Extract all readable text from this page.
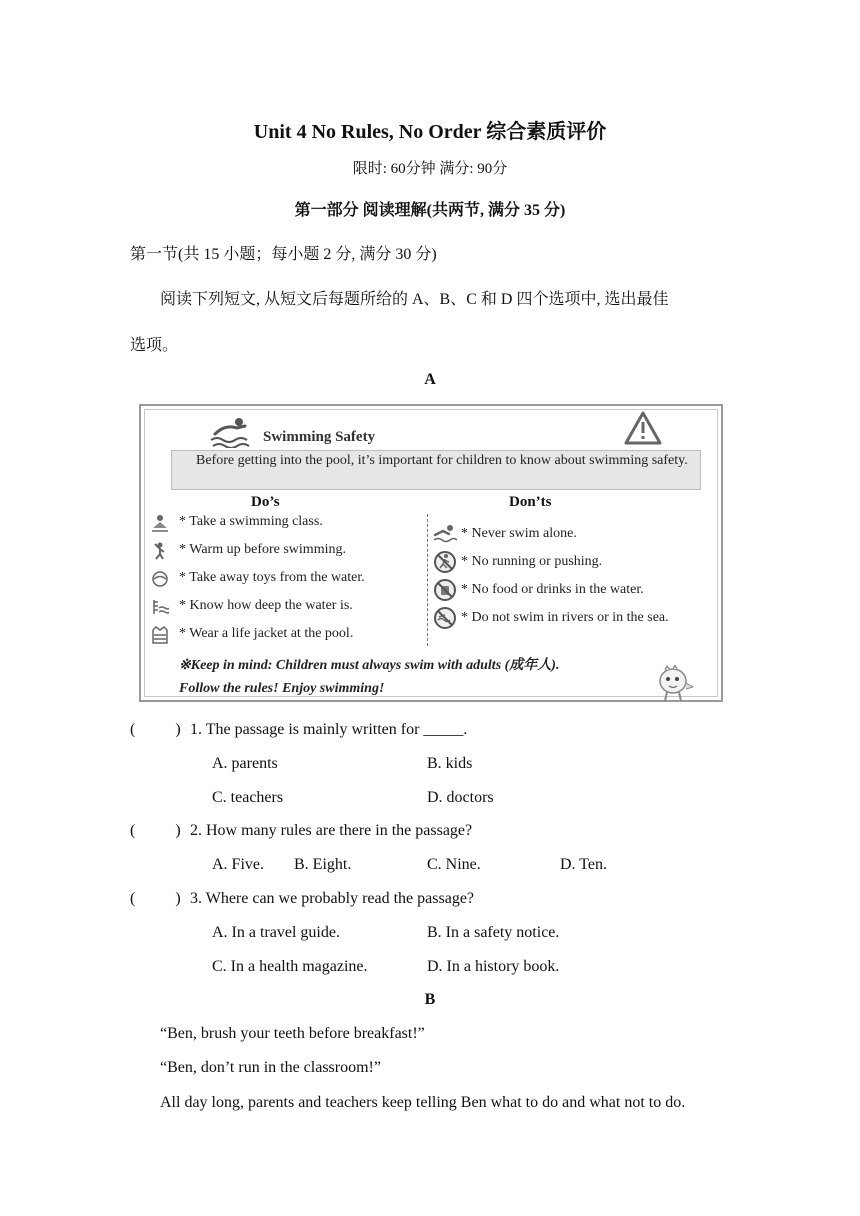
Unit 4 No Rules, No Order 综合素质评价
限时: 60分钟 满分: 90分
第一部分 阅读理解(共两节, 满分 35 分)
第一节(共 15 小题；每小题 2 分, 满分 30 分)
阅读下列短文, 从短文后每题所给的 A、B、C 和 D 四个选项中, 选出最佳
选项。
A
Swimming Safety
Before getting into the pool, it’s important for children to know about swimming safety.
Do’s	Don’ts
* Take a swimming class.
* Warm up before swimming.
* Take away toys from the water.
* Know how deep the water is.
* Wear a life jacket at the pool.
* Never swim alone.
* No running or pushing.
* No food or drinks in the water.
* Do not swim in rivers or in the sea.
※Keep in mind: Children must always swim with adults (成年人).
Follow the rules! Enjoy swimming!
(          ) 1. The passage is mainly written for _____.
A. parents	B. kids
C. teachers	D. doctors
(          ) 2. How many rules are there in the passage?
A. Five. B. Eight.	C. Nine.	D. Ten.
(          ) 3. Where can we probably read the passage?
A. In a travel guide.	B. In a safety notice.
C. In a health magazine.	D. In a history book.
B
“Ben, brush your teeth before breakfast!”
“Ben, don’t run in the classroom!”
All day long, parents and teachers keep telling Ben what to do and what not to do.
